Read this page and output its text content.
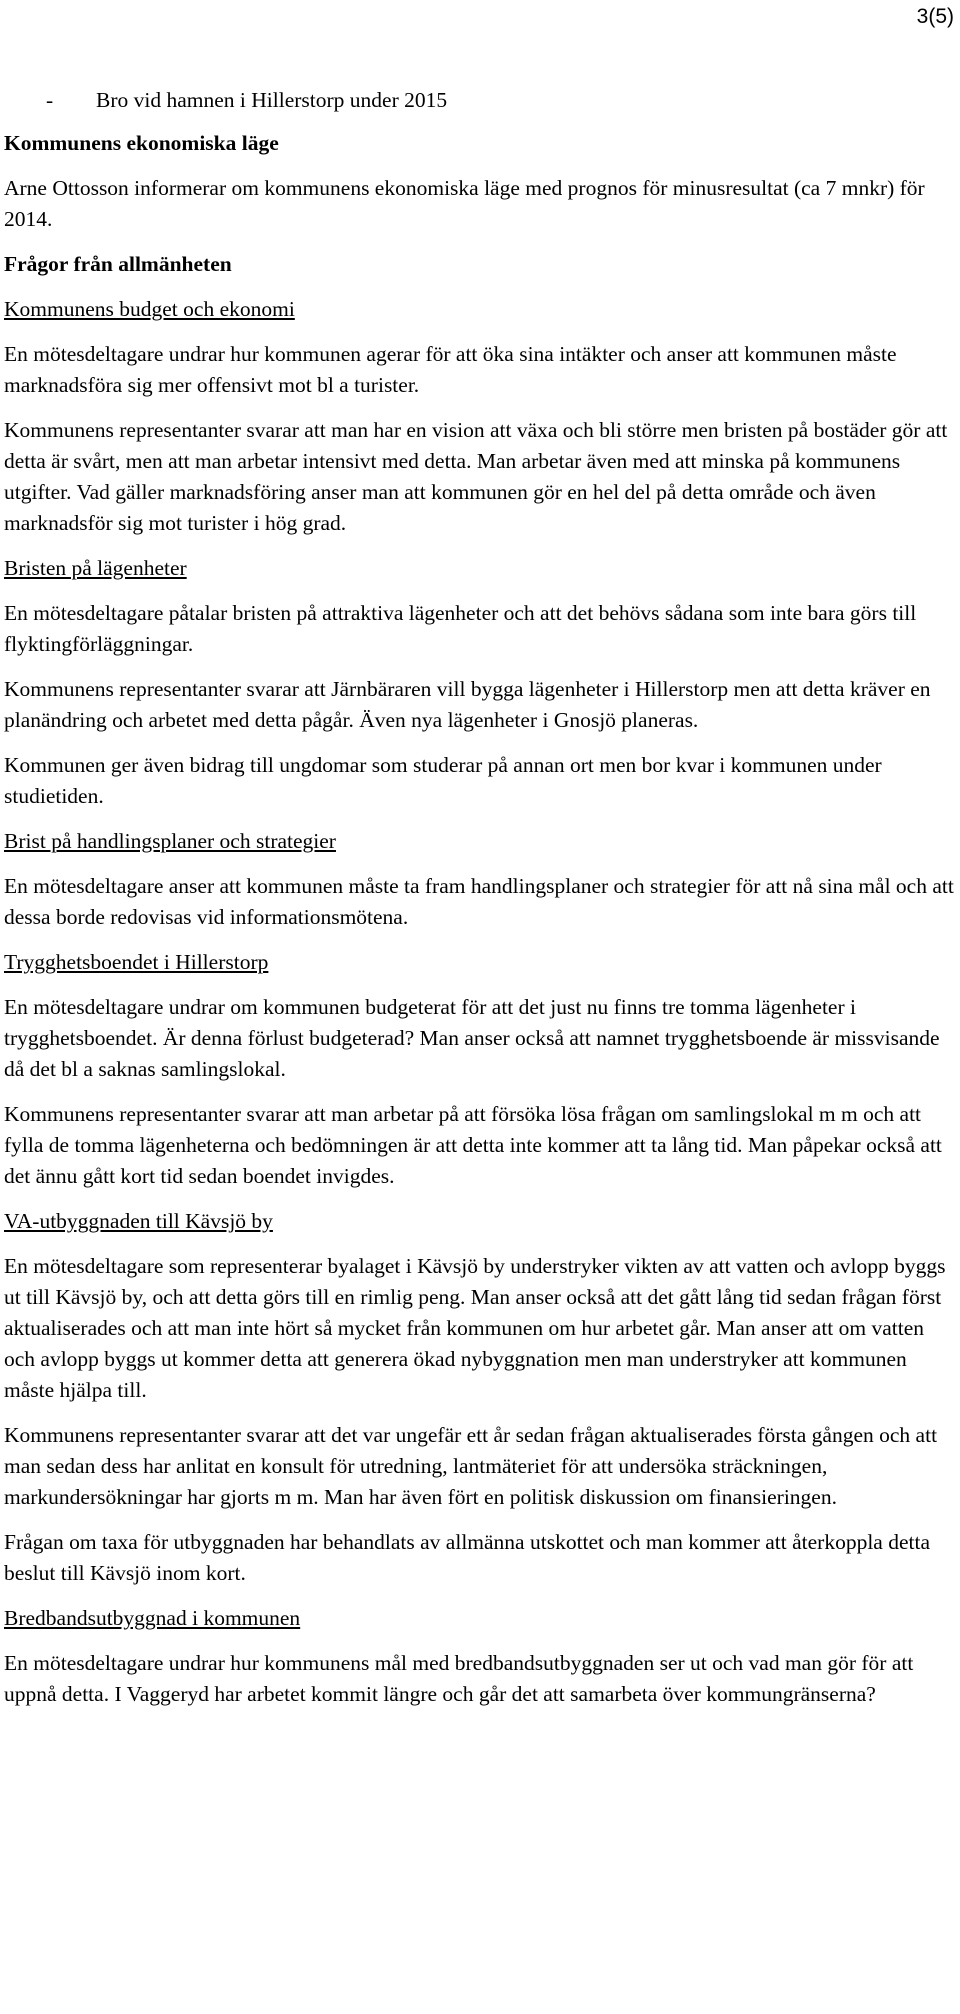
3(5)
-	Bro vid hamnen i Hillerstorp under 2015
Kommunens ekonomiska läge

Arne Ottosson informerar om kommunens ekonomiska läge med prognos för minusresultat (ca 7 mnkr) för 2014.

Frågor från allmänheten
Kommunens budget och ekonomi

En mötesdeltagare undrar hur kommunen agerar för att öka sina intäkter och anser att kommunen måste marknadsföra sig mer offensivt mot bl a turister.

Kommunens representanter svarar att man har en vision att växa och bli större men bristen på bostäder gör att detta är svårt, men att man arbetar intensivt med detta. Man arbetar även med att minska på kommunens utgifter. Vad gäller marknadsföring anser man att kommunen gör en hel del på detta område och även marknadsför sig mot turister i hög grad.

Bristen på lägenheter

En mötesdeltagare påtalar bristen på attraktiva lägenheter och att det behövs sådana som inte bara görs till flyktingförläggningar.

Kommunens representanter svarar att Järnbäraren vill bygga lägenheter i Hillerstorp men att detta kräver en planändring och arbetet med detta pågår. Även nya lägenheter i Gnosjö planeras.

Kommunen ger även bidrag till ungdomar som studerar på annan ort men bor kvar i kommunen under studietiden.

Brist på handlingsplaner och strategier

En mötesdeltagare anser att kommunen måste ta fram handlingsplaner och strategier för att nå sina mål och att dessa borde redovisas vid informationsmötena.

Trygghetsboendet i Hillerstorp

En mötesdeltagare undrar om kommunen budgeterat för att det just nu finns tre tomma lägenheter i trygghetsboendet. Är denna förlust budgeterad? Man anser också att namnet trygghetsboende är missvisande då det bl a saknas samlingslokal.

Kommunens representanter svarar att man arbetar på att försöka lösa frågan om samlingslokal m m och att fylla de tomma lägenheterna och bedömningen är att detta inte kommer att ta lång tid. Man påpekar också att det ännu gått kort tid sedan boendet invigdes.

VA-utbyggnaden till Kävsjö by

En mötesdeltagare som representerar byalaget i Kävsjö by understryker vikten av att vatten och avlopp byggs ut till Kävsjö by, och att detta görs till en rimlig peng. Man anser också att det gått lång tid sedan frågan först aktualiserades och att man inte hört så mycket från kommunen om hur arbetet går. Man anser att om vatten och avlopp byggs ut kommer detta att generera ökad nybyggnation men man understryker att kommunen måste hjälpa till.

Kommunens representanter svarar att det var ungefär ett år sedan frågan aktualiserades första gången och att man sedan dess har anlitat en konsult för utredning, lantmäteriet för att undersöka sträckningen, markundersökningar har gjorts m m. Man har även fört en politisk diskussion om finansieringen.

Frågan om taxa för utbyggnaden har behandlats av allmänna utskottet och man kommer att återkoppla detta beslut till Kävsjö inom kort.

Bredbandsutbyggnad i kommunen

En mötesdeltagare undrar hur kommunens mål med bredbandsutbyggnaden ser ut och vad man gör för att uppnå detta. I Vaggeryd har arbetet kommit längre och går det att samarbeta över kommungränserna?
